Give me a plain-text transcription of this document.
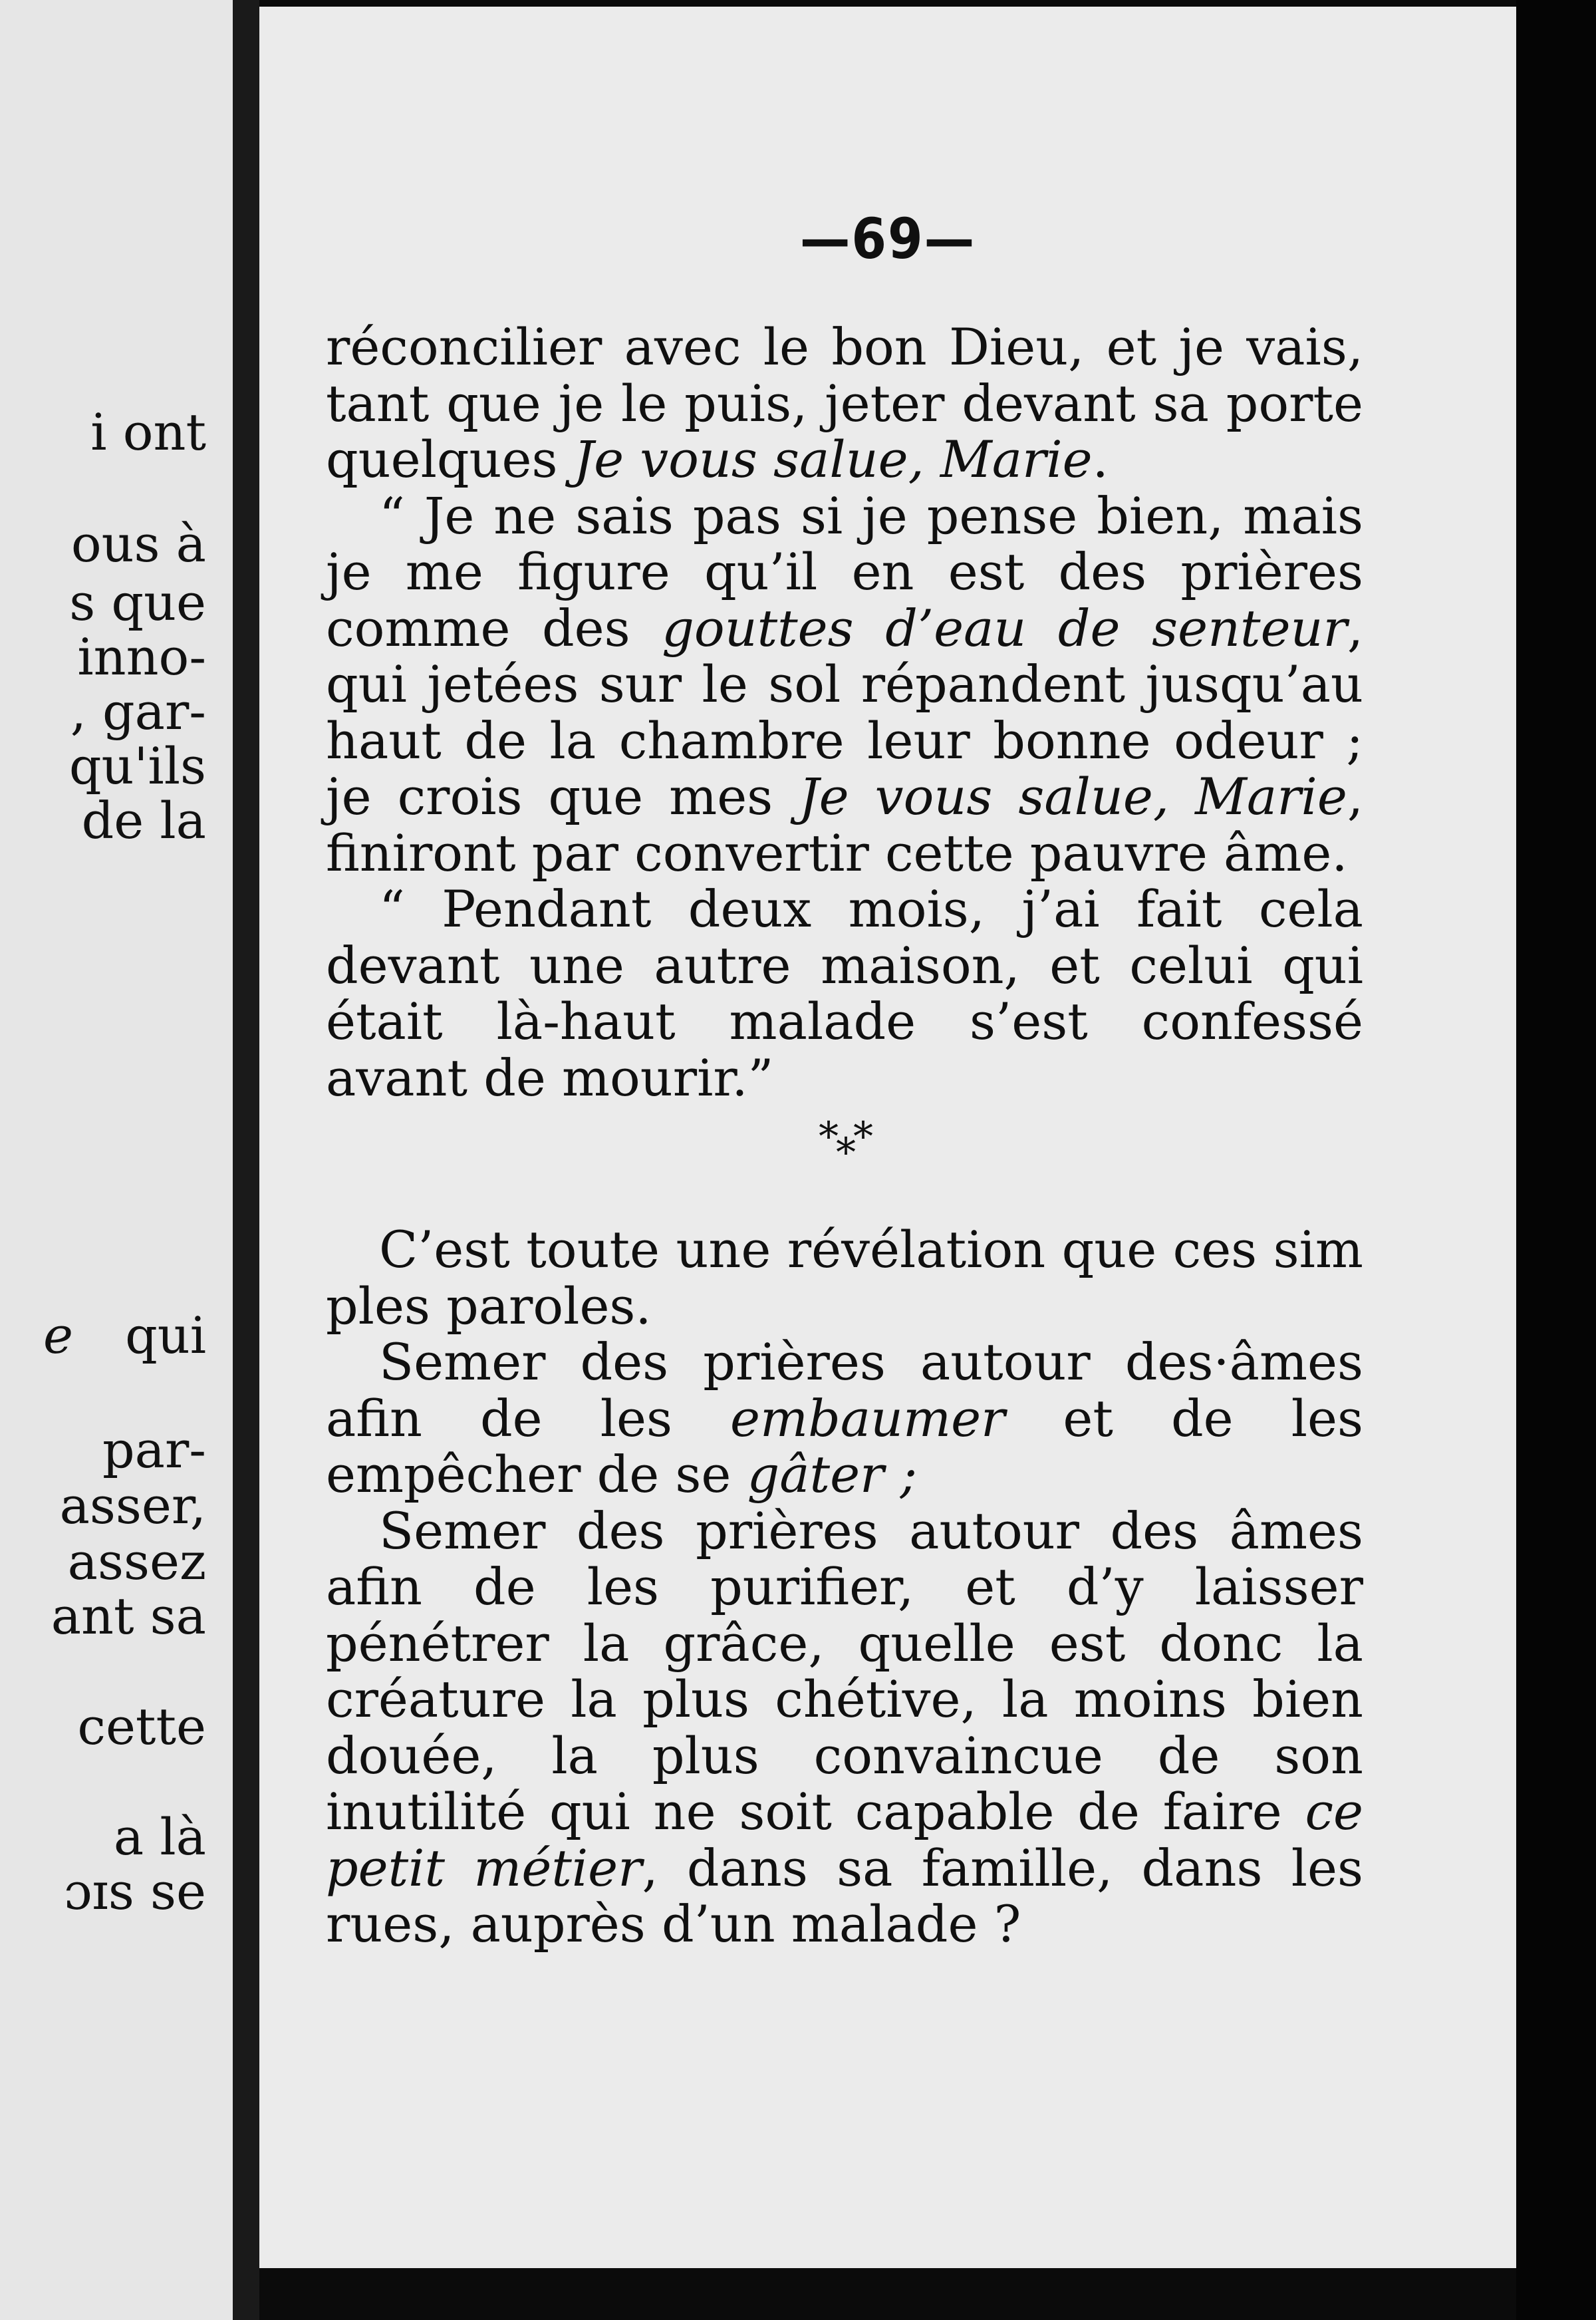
i ont
ous à
s que
inno-
, gar-
qu'ils
de la
e qui
par-
asser,
assez
ant sa
cette
a là
ɔɪs se
—69—

réconcilier avec le bon Dieu, et je vais, tant que je le puis, jeter devant sa porte quelques Je vous salue, Marie.

“ Je ne sais pas si je pense bien, mais je me figure qu’il en est des prières comme des gouttes d’eau de senteur, qui jetées sur le sol répandent jusqu’au haut de la chambre leur bonne odeur ; je crois que mes Je vous salue, Marie, finiront par convertir cette pauvre âme.

“ Pendant deux mois, j’ai fait cela devant une autre maison, et celui qui était là-haut malade s’est confessé avant de mourir.”

***

C’est toute une révélation que ces sim ples paroles.

Semer des prières autour des·âmes afin de les embaumer et de les empêcher de se gâter ;

Semer des prières autour des âmes afin de les purifier, et d’y laisser pénétrer la grâce, quelle est donc la créature la plus chétive, la moins bien douée, la plus convaincue de son inutilité qui ne soit capable de faire ce petit métier, dans sa famille, dans les rues, auprès d’un malade ?
